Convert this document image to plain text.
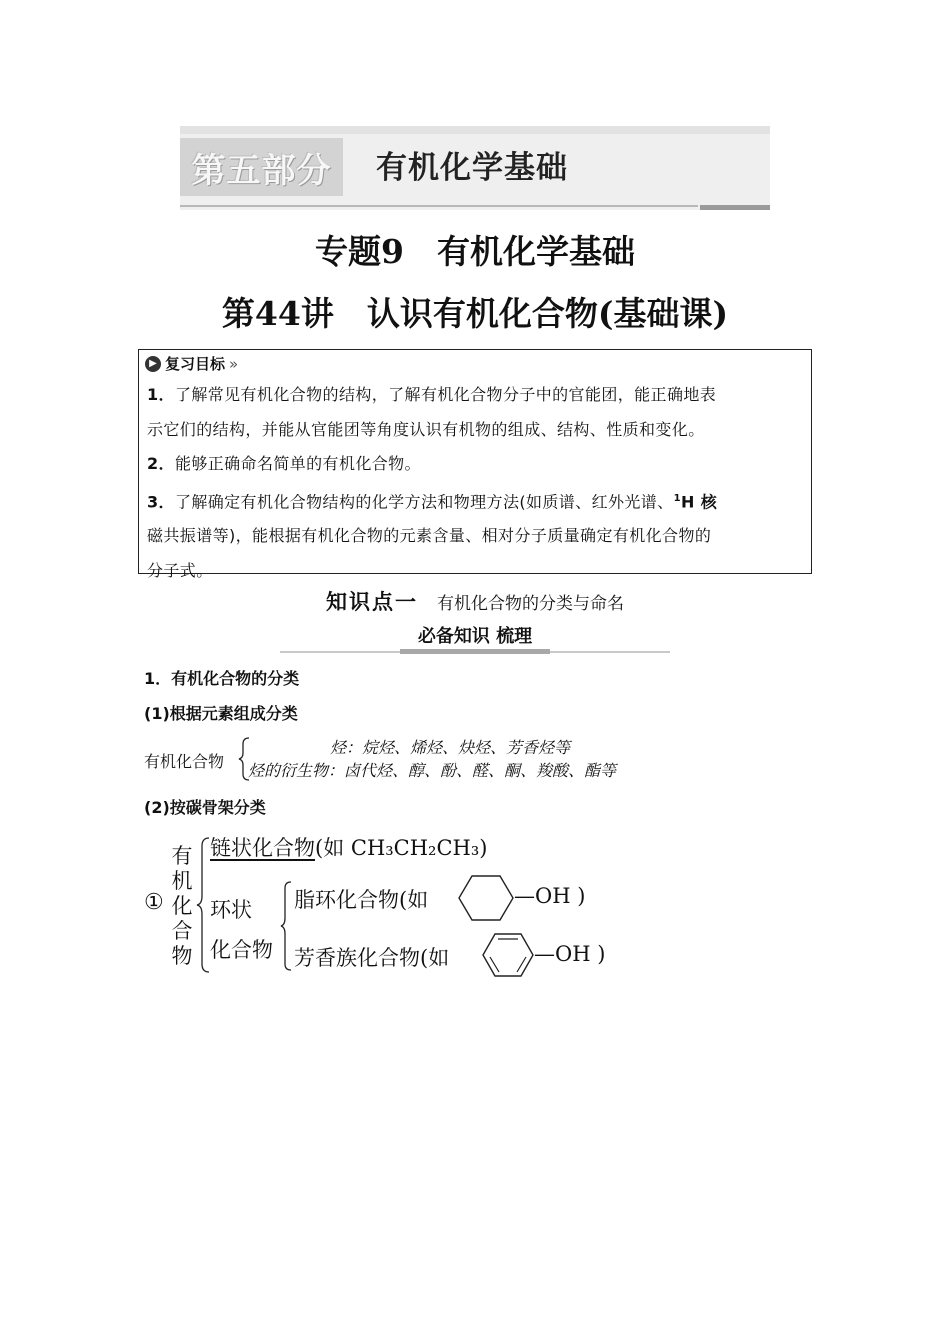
第五部分	有机化学基础
专题9　有机化学基础
第44讲　认识有机化合物(基础课)
▶ 复习目标 »
1．了解常见有机化合物的结构，了解有机化合物分子中的官能团，能正确地表
示它们的结构，并能从官能团等角度认识有机物的组成、结构、性质和变化。
2．能够正确命名简单的有机化合物。
3．了解确定有机化合物结构的化学方法和物理方法(如质谱、红外光谱、$^1$H 核
磁共振谱等)，能根据有机化合物的元素含量、相对分子质量确定有机化合物的
分子式。
知识点一 有机化合物的分类与命名
必备知识 梳理
1．有机化合物的分类
(1)根据元素组成分类
有机化合物
烃：烷烃、烯烃、炔烃、芳香烃等
烃的衍生物：卤代烃、醇、酚、醛、酮、羧酸、酯等
(2)按碳骨架分类
①
有
机
化
合
物
链状化合物(如 CH₃CH₂CH₃)
环状
化合物
脂环化合物(如	—OH )
芳香族化合物(如	—OH )
